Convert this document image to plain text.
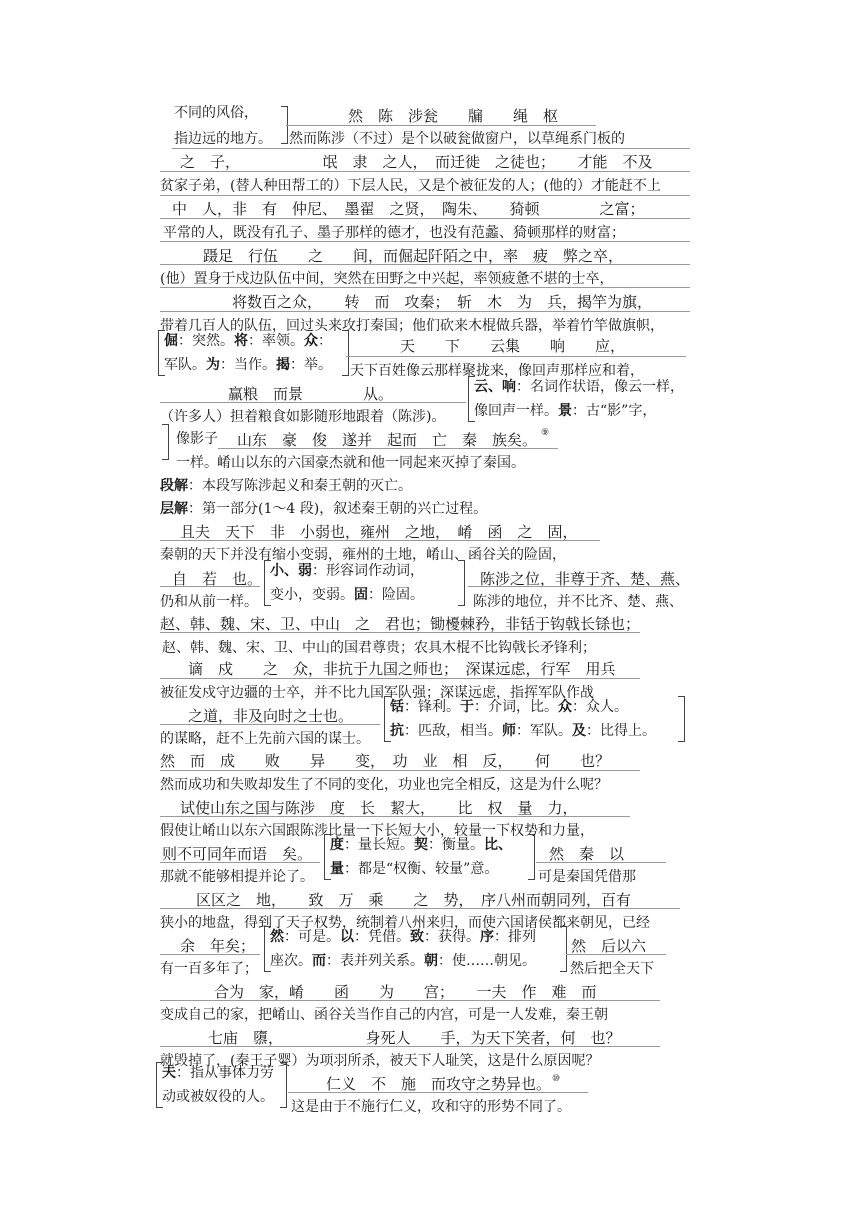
不同的风俗，
指边远的地方。
然　陈　涉瓮　　牖　　绳　枢
然而陈涉（不过）是个以破瓮做窗户，以草绳系门板的
之　子，　　　　　　氓　隶　之人，　而迁徙　之徒也；　　才能　不及
贫家子弟，(替人种田帮工的）下层人民，又是个被征发的人；(他的）才能赶不上
中　人，非　有　仲尼、　墨翟　之贤，　陶朱、　　猗顿　　　　之富；
平常的人，既没有孔子、墨子那样的德才，也没有范蠡、猗顿那样的财富；
蹑足　行伍　　之　　间，而倔起阡陌之中，率　疲　弊之卒，
(他）置身于戍边队伍中间，突然在田野之中兴起，率领疲惫不堪的士卒，
将数百之众，　　转　而　攻秦；　斩　木　为　兵，揭竿为旗，
带着几百人的队伍，回过头来攻打秦国；他们砍来木棍做兵器，举着竹竿做旗帜，
天　　下　　云集　　响　　应，
天下百姓像云那样聚拢来，像回声那样应和着，
赢粮　而景　　　　从。
（许多人）担着粮食如影随形地跟着（陈涉)。
像影子
一样。
山东　豪　俊　遂并　起而　亡　秦　族矣。
崤山以东的六国豪杰就和他一同起来灭掉了秦国。
段解：本段写陈涉起义和秦王朝的灭亡。
层解：第一部分(1～4 段)，叙述秦王朝的兴亡过程。
且夫　天下　非　小弱也，雍州　之地，　崤　函　之　固，
秦朝的天下并没有缩小变弱，雍州的土地，崤山、函谷关的险固，
自　若　也。
仍和从前一样。
陈涉之位，非尊于齐、楚、燕、
陈涉的地位，并不比齐、楚、燕、
赵、韩、魏、宋、卫、中山　之　君也；锄櫌棘矜，非铦于钩戟长铩也；
赵、韩、魏、宋、卫、中山的国君尊贵；农具木棍不比钩戟长矛锋利；
谪　戍　　之　众，非抗于九国之师也；　深谋远虑，行军　用兵
被征发戍守边疆的士卒，并不比九国军队强；深谋远虑，指挥军队作战
之道，非及向时之士也。
的谋略，赶不上先前六国的谋士。
然　而　成　　败　　异　　变，　功　业　相　反，　　何　　也？
然而成功和失败却发生了不同的变化，功业也完全相反，这是为什么呢？
试使山东之国与陈涉　度　长　絜大，　　比　权　量　力，
假使让崤山以东六国跟陈涉比量一下长短大小，较量一下权势和力量，
则不可同年而语　矣。
那就不能够相提并论了。
然　秦　以
可是秦国凭借那
区区之　地，　　致　万　乘　　之　势，　序八州而朝同列，百有
狭小的地盘，得到了天子权势，统制着八州来归，而使六国诸侯都来朝见，已经
余　年矣；
有一百多年了；
然　后以六
然后把全天下
合为　家，崤　　函　　为　　宫；　　一夫　作　难　而
变成自己的家，把崤山、函谷关当作自己的内宫，可是一人发难，秦王朝
七庙　隳，　　　　　　身死人　　手，为天下笑者，何　也？
就毁掉了，(秦王子婴）为项羽所杀，被天下人耻笑，这是什么原因呢？
仁义　不　施　而攻守之势异也。
这是由于不施行仁义，攻和守的形势不同了。
倔：突然。将：率领。众：
军队。为：当作。揭：举。
云、响：名词作状语，像云一样，
像回声一样。景：古“影”字，
小、弱：形容词作动词，
变小，变弱。固：险固。
铦：锋利。于：介词，比。众：众人。
抗：匹敌，相当。师：军队。及：比得上。
度：量长短。契：衡量。比、
量：都是“权衡、较量”意。
然：可是。以：凭借。致：获得。序：排列
座次。而：表并列关系。朝：使……朝见。
夫：指从事体力劳
动或被奴役的人。
⑨
⑩
